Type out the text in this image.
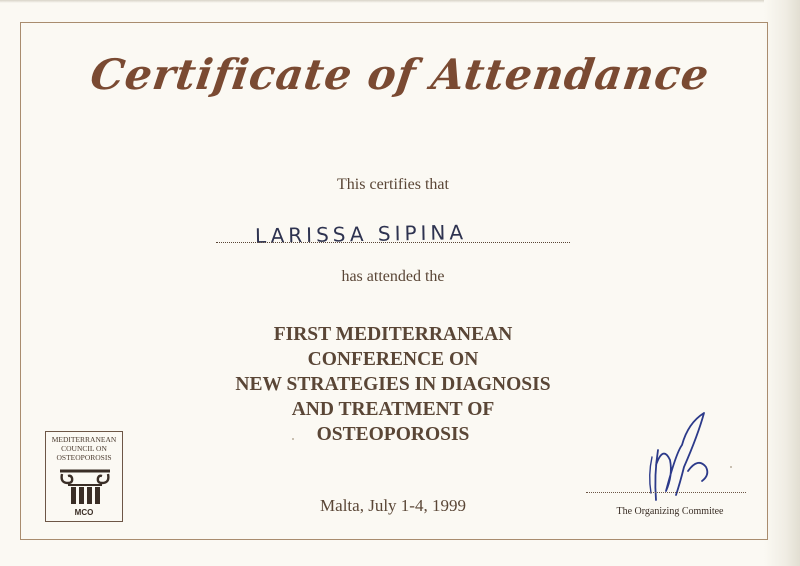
Certificate of Attendance
This certifies that
LARISSA SIPINA
has attended the
FIRST MEDITERRANEAN
CONFERENCE ON
NEW STRATEGIES IN DIAGNOSIS
AND TREATMENT OF
OSTEOPOROSIS
Malta, July 1-4, 1999
MEDITERRANEAN
COUNCIL ON
OSTEOPOROSIS
MCO	The Organizing Commitee
